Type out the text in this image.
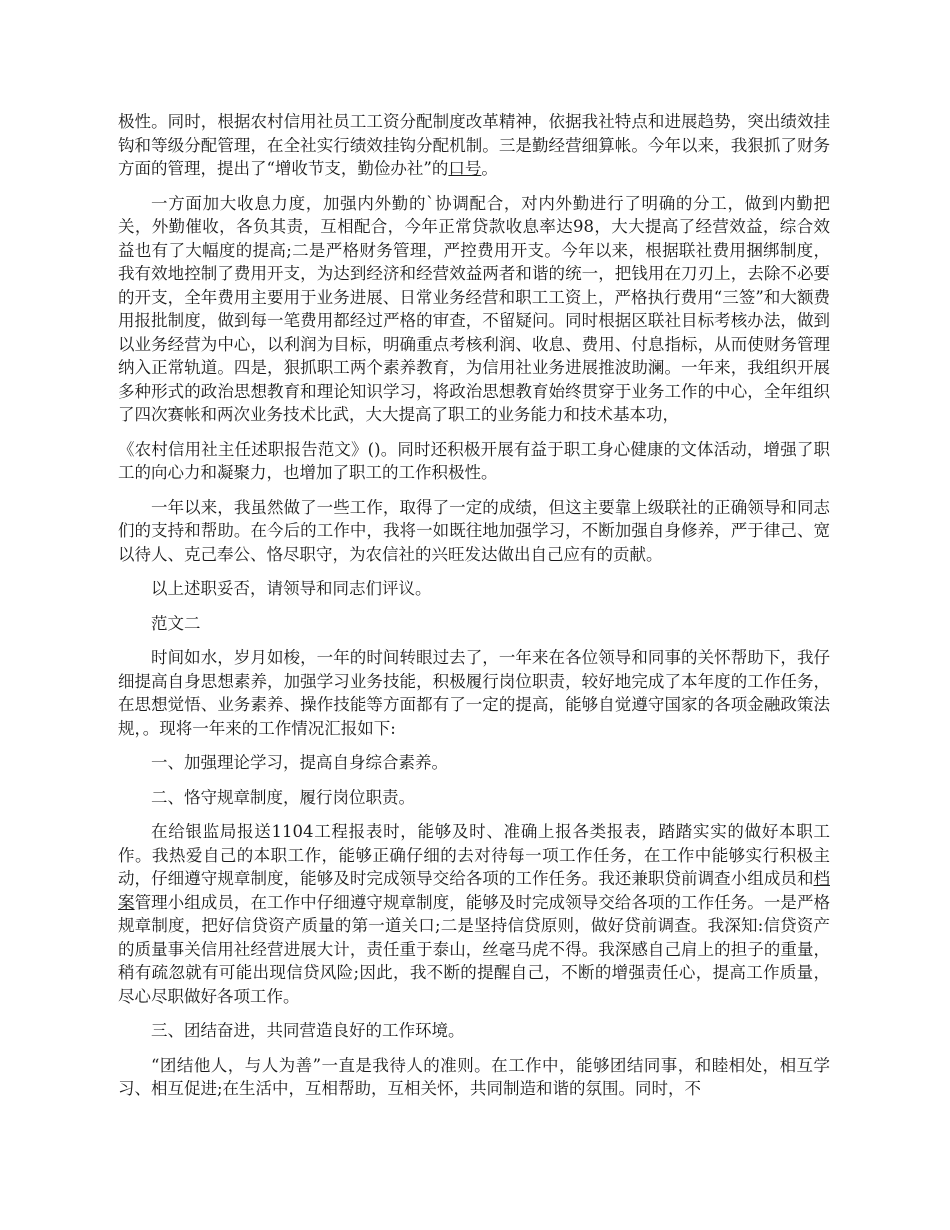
极性。同时，根据农村信用社员工工资分配制度改革精神，依据我社特点和进展趋势，突出绩效挂钩和等级分配管理，在全社实行绩效挂钩分配机制。三是勤经营细算帐。今年以来，我狠抓了财务方面的管理，提出了“增收节支，勤俭办社”的口号。

一方面加大收息力度，加强内外勤的`协调配合，对内外勤进行了明确的分工，做到内勤把关，外勤催收，各负其责，互相配合，今年正常贷款收息率达98，大大提高了经营效益，综合效益也有了大幅度的提高;二是严格财务管理，严控费用开支。今年以来，根据联社费用捆绑制度，我有效地控制了费用开支，为达到经济和经营效益两者和谐的统一，把钱用在刀刃上，去除不必要的开支，全年费用主要用于业务进展、日常业务经营和职工工资上，严格执行费用“三签”和大额费用报批制度，做到每一笔费用都经过严格的审查，不留疑问。同时根据区联社目标考核办法，做到以业务经营为中心，以利润为目标，明确重点考核利润、收息、费用、付息指标，从而使财务管理纳入正常轨道。四是，狠抓职工两个素养教育，为信用社业务进展推波助澜。一年来，我组织开展多种形式的政治思想教育和理论知识学习，将政治思想教育始终贯穿于业务工作的中心，全年组织了四次赛帐和两次业务技术比武，大大提高了职工的业务能力和技术基本功，

《农村信用社主任述职报告范文》()。同时还积极开展有益于职工身心健康的文体活动，增强了职工的向心力和凝聚力，也增加了职工的工作积极性。

一年以来，我虽然做了一些工作，取得了一定的成绩，但这主要靠上级联社的正确领导和同志们的支持和帮助。在今后的工作中，我将一如既往地加强学习，不断加强自身修养，严于律己、宽以待人、克己奉公、恪尽职守，为农信社的兴旺发达做出自己应有的贡献。

以上述职妥否，请领导和同志们评议。

范文二

时间如水，岁月如梭，一年的时间转眼过去了，一年来在各位领导和同事的关怀帮助下，我仔细提高自身思想素养，加强学习业务技能，积极履行岗位职责，较好地完成了本年度的工作任务，在思想觉悟、业务素养、操作技能等方面都有了一定的提高，能够自觉遵守国家的各项金融政策法规，。现将一年来的工作情况汇报如下:

一、加强理论学习，提高自身综合素养。

二、恪守规章制度，履行岗位职责。

在给银监局报送1104工程报表时，能够及时、准确上报各类报表，踏踏实实的做好本职工作。我热爱自己的本职工作，能够正确仔细的去对待每一项工作任务，在工作中能够实行积极主动，仔细遵守规章制度，能够及时完成领导交给各项的工作任务。我还兼职贷前调查小组成员和档案管理小组成员，在工作中仔细遵守规章制度，能够及时完成领导交给各项的工作任务。一是严格规章制度，把好信贷资产质量的第一道关口;二是坚持信贷原则，做好贷前调查。我深知:信贷资产的质量事关信用社经营进展大计，责任重于泰山，丝毫马虎不得。我深感自己肩上的担子的重量，稍有疏忽就有可能出现信贷风险;因此，我不断的提醒自己，不断的增强责任心，提高工作质量，尽心尽职做好各项工作。

三、团结奋进，共同营造良好的工作环境。

“团结他人，与人为善”一直是我待人的准则。在工作中，能够团结同事，和睦相处，相互学习、相互促进;在生活中，互相帮助，互相关怀，共同制造和谐的氛围。同时，不
